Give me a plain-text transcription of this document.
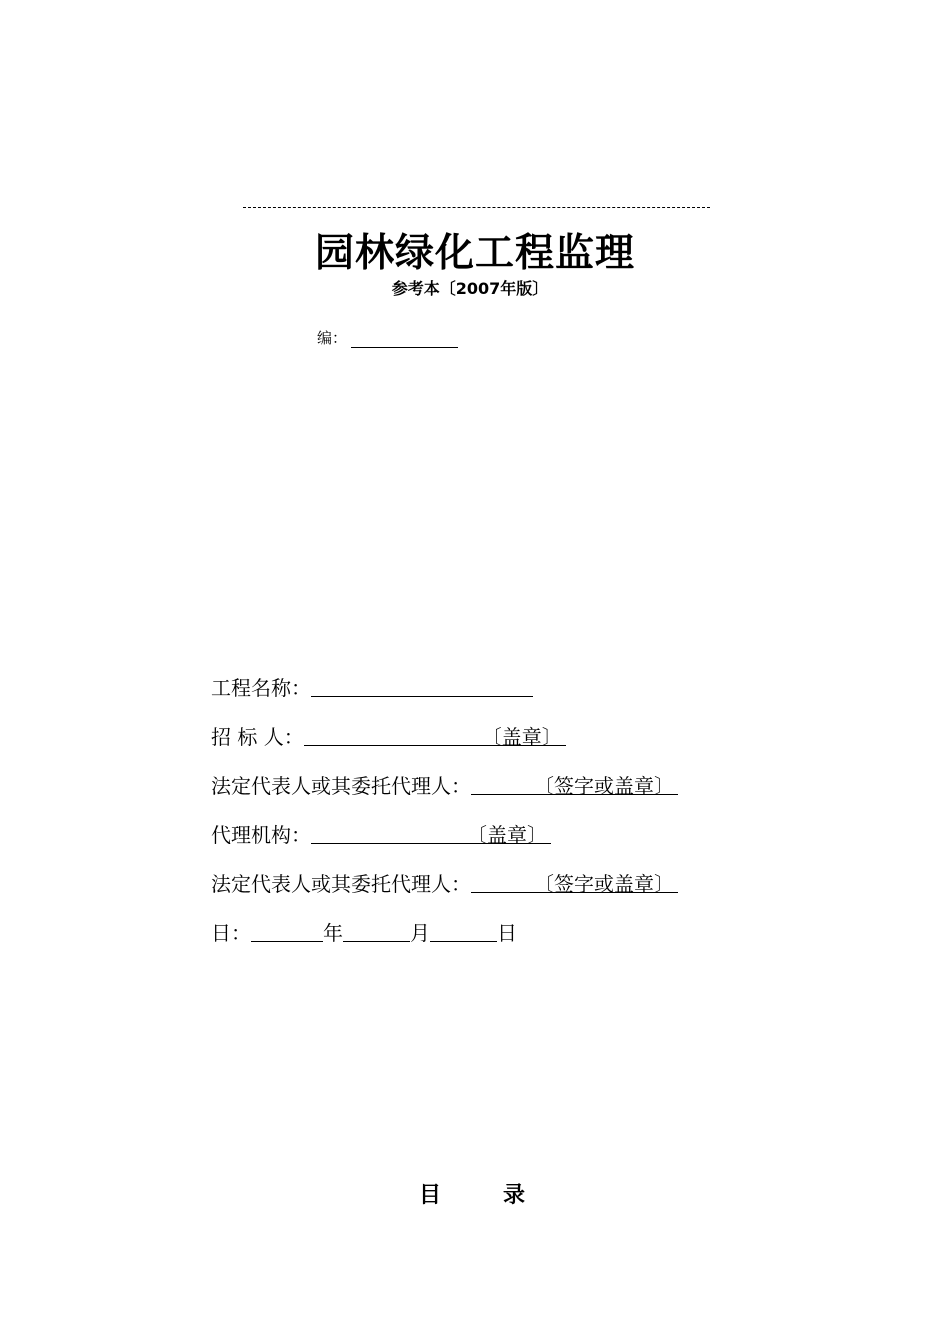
园林绿化工程监理
参考本〔2007年版〕
编：
工程名称：
招 标 人：	〔盖章〕
法定代表人或其委托代理人：	〔签字或盖章〕
代理机构：	〔盖章〕
法定代表人或其委托代理人：	〔签字或盖章〕
日：	年	月	日
目录
